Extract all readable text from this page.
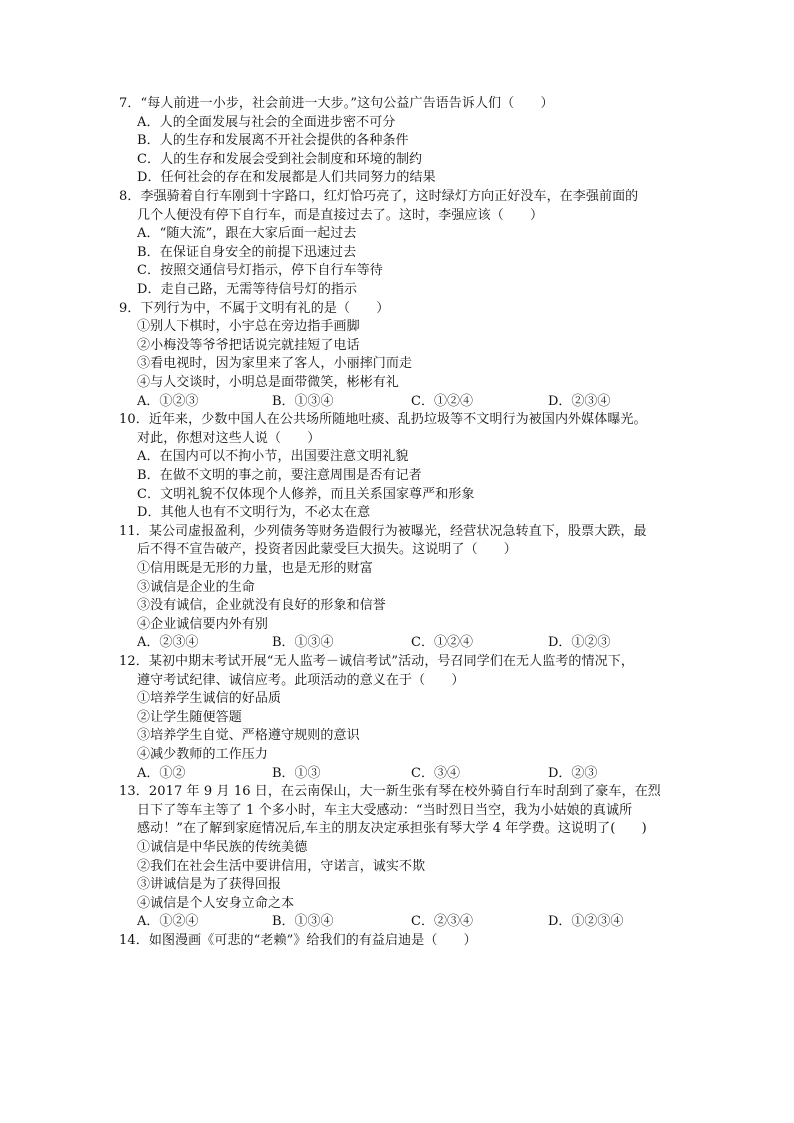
7．“每人前进一小步，社会前进一大步。”这句公益广告语告诉人们（　　）
A．人的全面发展与社会的全面进步密不可分
B．人的生存和发展离不开社会提供的各种条件
C．人的生存和发展会受到社会制度和环境的制约
D．任何社会的存在和发展都是人们共同努力的结果
8．李强骑着自行车刚到十字路口，红灯恰巧亮了，这时绿灯方向正好没车，在李强前面的
几个人便没有停下自行车，而是直接过去了。这时，李强应该（　　）
A．“随大流”，跟在大家后面一起过去
B．在保证自身安全的前提下迅速过去
C．按照交通信号灯指示，停下自行车等待
D．走自己路，无需等待信号灯的指示
9．下列行为中，不属于文明有礼的是（　　）
①别人下棋时，小宇总在旁边指手画脚
②小梅没等爷爷把话说完就挂短了电话
③看电视时，因为家里来了客人，小丽摔门而走
④与人交谈时，小明总是面带微笑，彬彬有礼
A．①②③	B．①③④	C．①②④	D．②③④
10．近年来，少数中国人在公共场所随地吐痰、乱扔垃圾等不文明行为被国内外媒体曝光。
对此，你想对这些人说（　　）
A．在国内可以不拘小节，出国要注意文明礼貌
B．在做不文明的事之前，要注意周围是否有记者
C．文明礼貌不仅体现个人修养，而且关系国家尊严和形象
D．其他人也有不文明行为，不必太在意
11．某公司虚报盈利，少列债务等财务造假行为被曝光，经营状况急转直下，股票大跌，最
后不得不宣告破产，投资者因此蒙受巨大损失。这说明了（　　）
①信用既是无形的力量，也是无形的财富
③诚信是企业的生命
③没有诚信，企业就没有良好的形象和信誉
④企业诚信要内外有别
A．②③④	B．①③④	C．①②④	D．①②③
12．某初中期末考试开展“无人监考－诚信考试”活动，号召同学们在无人监考的情况下，
遵守考试纪律、诚信应考。此项活动的意义在于（　　）
①培养学生诚信的好品质
②让学生随便答题
③培养学生自觉、严格遵守规则的意识
④减少教师的工作压力
A．①②	B．①③	C．③④	D．②③
13．2017 年 9 月 16 日，在云南保山，大一新生张有琴在校外骑自行车时刮到了豪车，在烈
日下了等车主等了 1 个多小时，车主大受感动：“当时烈日当空，我为小姑娘的真诚所
感动！”在了解到家庭情况后,车主的朋友决定承担张有琴大学 4 年学费。这说明了(　　)
①诚信是中华民族的传统美德
②我们在社会生活中要讲信用，守诺言，诚实不欺
③讲诚信是为了获得回报
④诚信是个人安身立命之本
A．①②④	B．①③④	C．②③④	D．①②③④
14．如图漫画《可悲的“老赖”》给我们的有益启迪是（　　）
